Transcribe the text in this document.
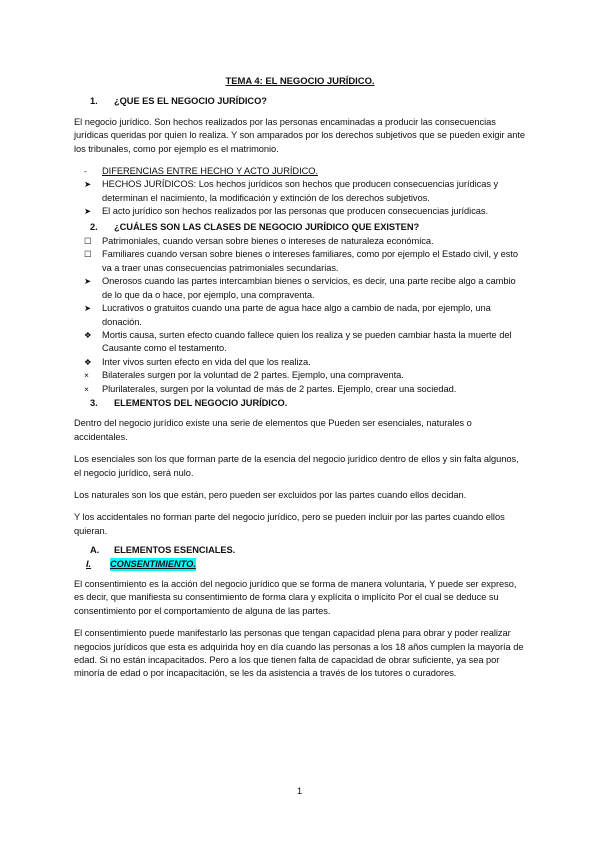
TEMA 4: EL NEGOCIO JURÍDICO.
1.	¿QUE ES EL NEGOCIO JURÍDICO?
El negocio jurídico. Son hechos realizados por las personas encaminadas a producir las consecuencias jurídicas queridas por quien lo realiza. Y son amparados por los derechos subjetivos que se pueden exigir ante los tribunales, como por ejemplo es el matrimonio.
-	DIFERENCIAS ENTRE HECHO Y ACTO JURÍDICO.
➤	HECHOS JURÍDICOS: Los hechos jurídicos son hechos que producen consecuencias jurídicas y determinan el nacimiento, la modificación y extinción de los derechos subjetivos.
➤	El acto jurídico son hechos realizados por las personas que producen consecuencias jurídicas.
2.	¿CUÁLES SON LAS CLASES DE NEGOCIO JURÍDICO QUE EXISTEN?
☐	Patrimoniales, cuando versan sobre bienes o intereses de naturaleza económica.
☐	Familiares cuando versan sobre bienes o intereses familiares, como por ejemplo el Estado civil, y esto va a traer unas consecuencias patrimoniales secundarias.
➤	Onerosos cuando las partes intercambian bienes o servicios, es decir, una parte recibe algo a cambio de lo que da o hace, por ejemplo, una compraventa.
➤	Lucrativos o gratuitos cuando una parte de agua hace algo a cambio de nada, por ejemplo, una donación.
❖	Mortis causa, surten efecto cuando fallece quien los realiza y se pueden cambiar hasta la muerte del Causante como el testamento.
❖	Inter vivos surten efecto en vida del que los realiza.
×	Bilaterales surgen por la voluntad de 2 partes. Ejemplo, una compraventa.
×	Plurilaterales, surgen por la voluntad de más de 2 partes. Ejemplo, crear una sociedad.
3.	ELEMENTOS DEL NEGOCIO JURÍDICO.
Dentro del negocio jurídico existe una serie de elementos que Pueden ser esenciales, naturales o accidentales.
Los esenciales son los que forman parte de la esencia del negocio jurídico dentro de ellos y sin falta algunos, el negocio jurídico, será nulo.
Los naturales son los que están, pero pueden ser excluidos por las partes cuando ellos decidan.
Y los accidentales no forman parte del negocio jurídico, pero se pueden incluir por las partes cuando ellos quieran.
A.	ELEMENTOS ESENCIALES.
I.	CONSENTIMIENTO.
El consentimiento es la acción del negocio jurídico que se forma de manera voluntaria, Y puede ser expreso, es decir, que manifiesta su consentimiento de forma clara y explícita o implícito Por el cual se deduce su consentimiento por el comportamiento de alguna de las partes.
El consentimiento puede manifestarlo las personas que tengan capacidad plena para obrar y poder realizar negocios jurídicos que esta es adquirida hoy en día cuando las personas a los 18 años cumplen la mayoría de edad. Si no están incapacitados. Pero a los que tienen falta de capacidad de obrar suficiente, ya sea por minoría de edad o por incapacitación, se les da asistencia a través de los tutores o curadores.
1
